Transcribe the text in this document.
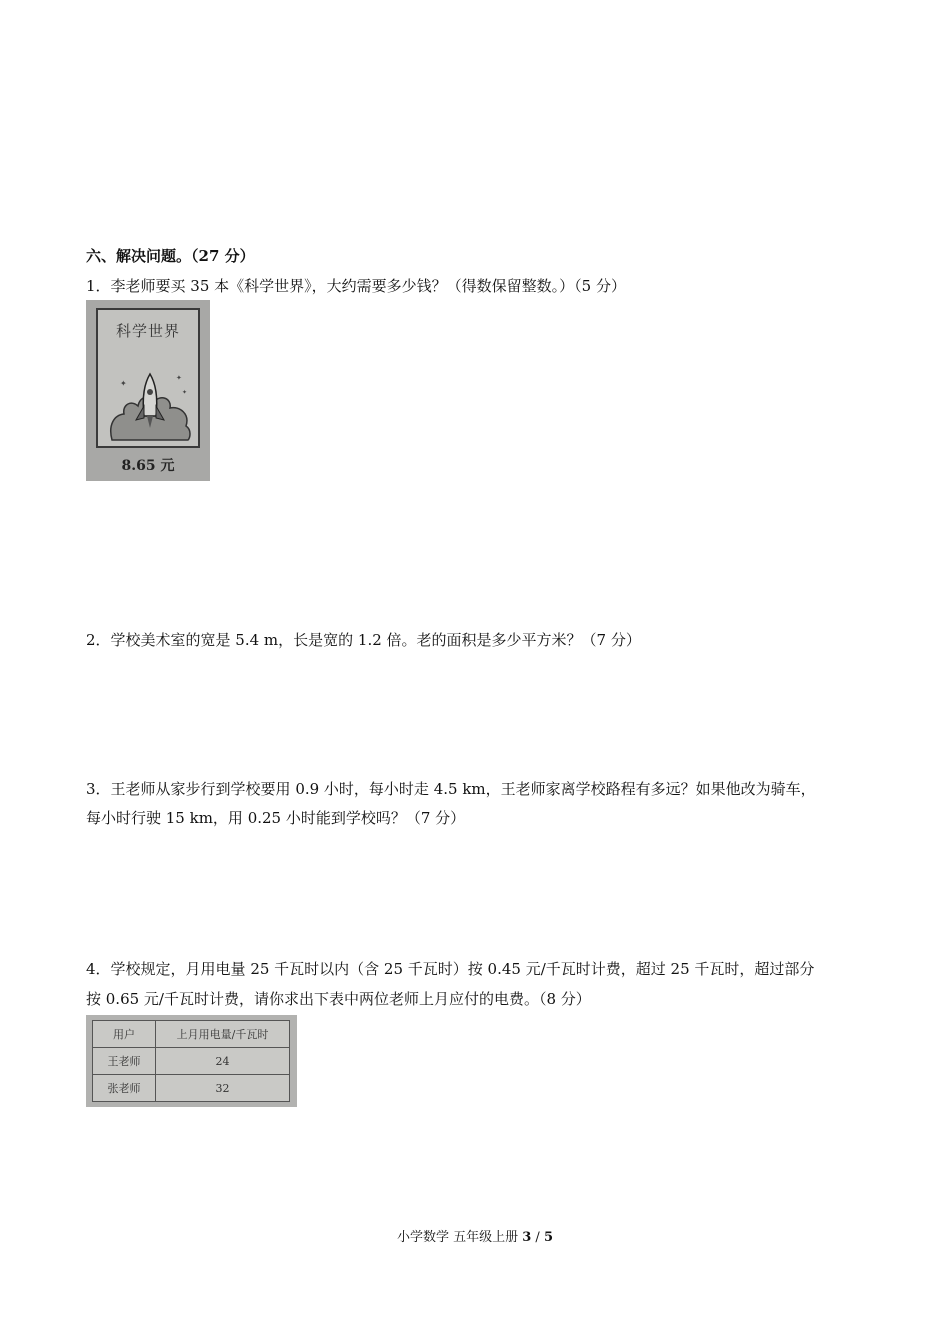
六、解决问题。（27 分）
1．李老师要买 35 本《科学世界》，大约需要多少钱？（得数保留整数。）（5 分）
科学世界
✦
✦
✦
8.65 元
2．学校美术室的宽是 5.4 m，长是宽的 1.2 倍。老的面积是多少平方米？（7 分）
3．王老师从家步行到学校要用 0.9 小时，每小时走 4.5 km，王老师家离学校路程有多远？如果他改为骑车，
每小时行驶 15 km，用 0.25 小时能到学校吗？（7 分）
4．学校规定，月用电量 25 千瓦时以内（含 25 千瓦时）按 0.45 元/千瓦时计费，超过 25 千瓦时，超过部分
按 0.65 元/千瓦时计费，请你求出下表中两位老师上月应付的电费。（8 分）
用户	上月用电量/千瓦时
王老师	24
张老师	32
小学数学 五年级上册 3 / 5
